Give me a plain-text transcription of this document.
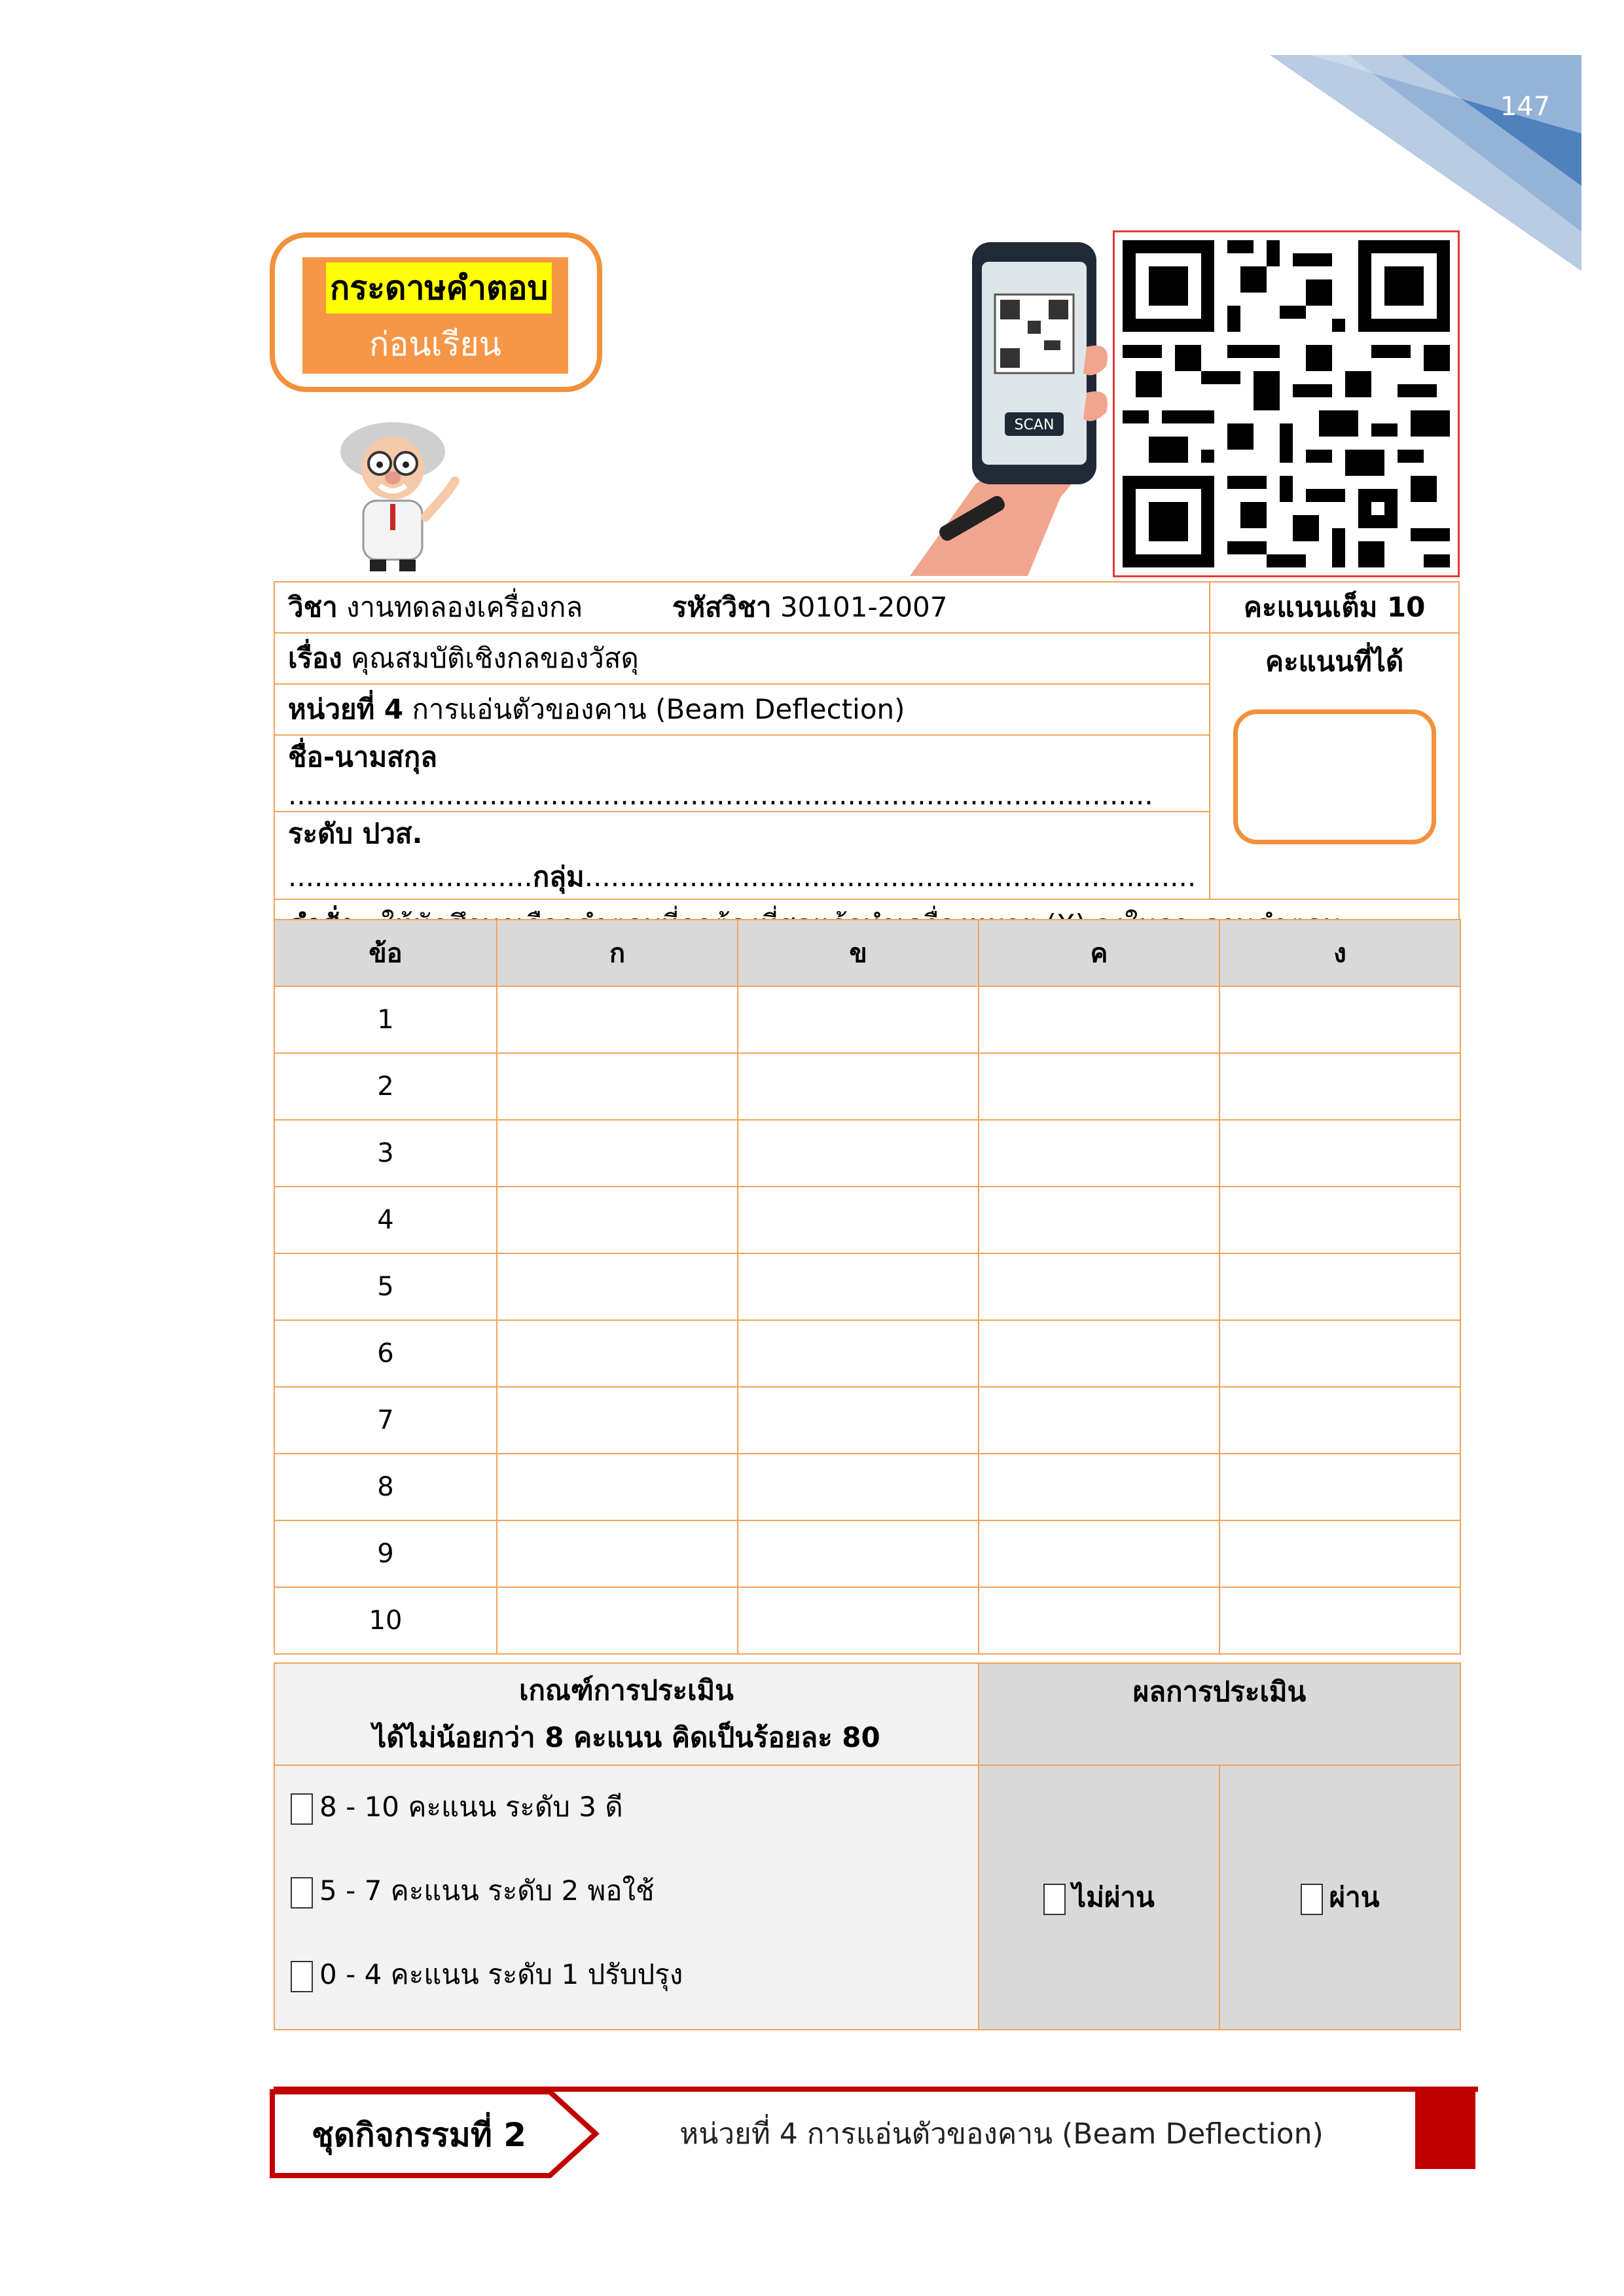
147
กระดาษคำตอบ
ก่อนเรียน
SCAN
วิชา งานทดลองเครื่องกล รหัสวิชา 30101-2007	คะแนนเต็ม 10
เรื่อง คุณสมบัติเชิงกลของวัสดุ	คะแนนที่ได้

หน่วยที่ 4 การแอ่นตัวของคาน (Beam Deflection)	
ชื่อ-นามสกุล ...................................................................................................	
ระดับ ปวส. ............................กลุ่ม......................................................................	

ข้อ	ก	ข	ค	ง
1				
2				
3				
4				
5				
6				
7				
8				
9				
10				
เกณฑ์การประเมิน
ได้ไม่น้อยกว่า 8 คะแนน คิดเป็นร้อยละ 80	ผลการประเมิน	

8 - 10 คะแนน ระดับ 3 ดี
5 - 7 คะแนน ระดับ 2 พอใช้
0 - 4 คะแนน ระดับ 1 ปรับปรุง	ไม่ผ่าน	ผ่าน
ชุดกิจกรรมที่ 2	หน่วยที่ 4 การแอ่นตัวของคาน (Beam Deflection)
